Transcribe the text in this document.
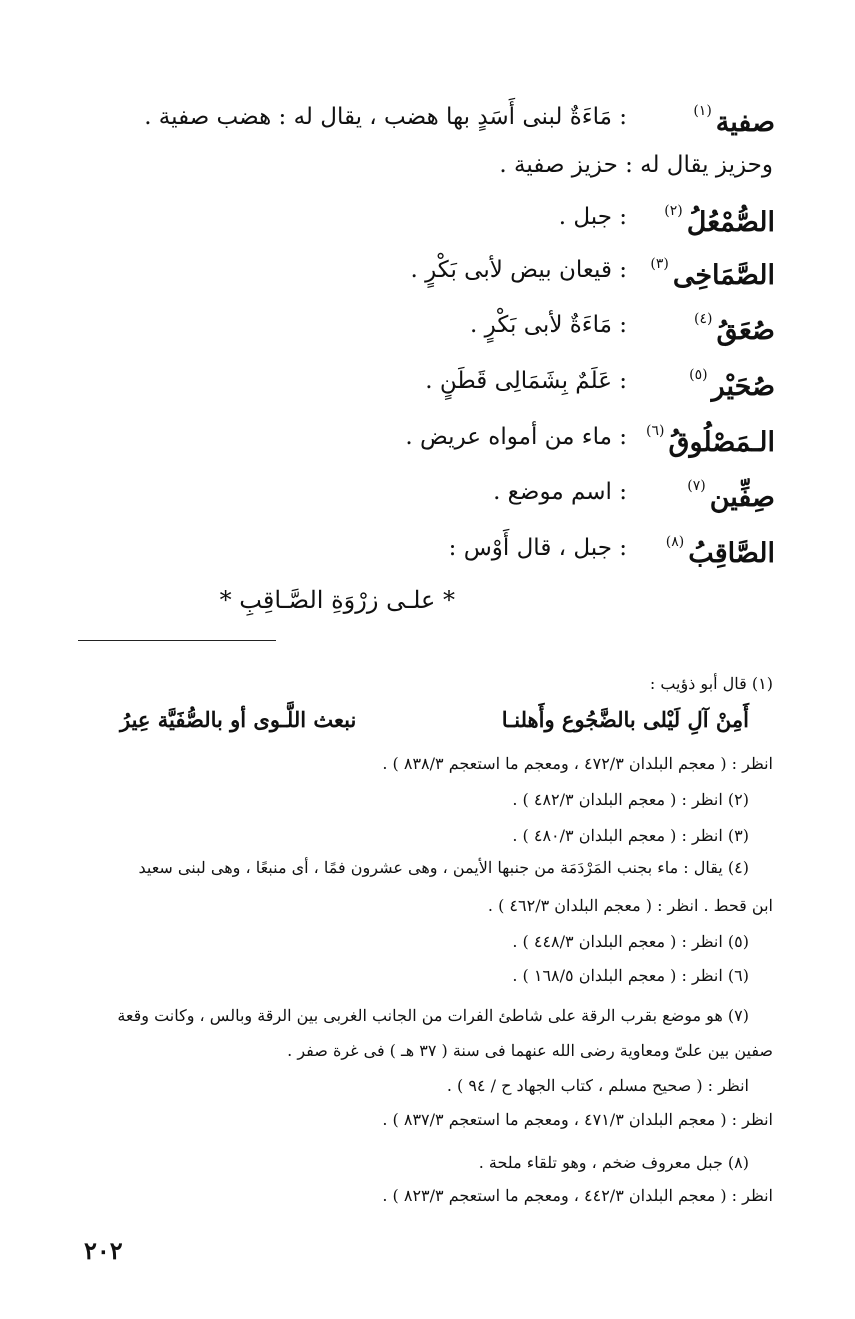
صفية$^{(١)}$
: مَاءَةٌ لبنى أَسَدٍ بها هضب ، يقال له : هضب صفية .
وحزيز يقال له : حزيز صفية .
الصُّمْعُلُ$^{(٢)}$
: جبل .
الصَّمَاخِى$^{(٣)}$
: قيعان بيض لأبى بَكْرٍ .
صُعَقُ$^{(٤)}$
: مَاءَةٌ لأبى بَكْرٍ .
صُحَيْر$^{(٥)}$
: عَلَمٌ بِشَمَالِى قَطَنٍ .
الـمَصْلُوقُ$^{(٦)}$
: ماء من أمواه عريض .
صِفِّين$^{(٧)}$
: اسم موضع .
الصَّاقِبُ$^{(٨)}$
: جبل ، قال أَوْس :
* علـى زرْوَةِ الصَّـاقِبِ *
(١) قال أبو ذؤيب :
أَمِنْ آلِ لَيْلى بالضَّجُوع وأَهلنـا
نبعث اللَّـوى أو بالصُّفَيَّة عِيرُ
انظر : ( معجم البلدان ٤٧٢/٣ ، ومعجم ما استعجم ٨٣٨/٣ ) .
(٢) انظر : ( معجم البلدان ٤٨٢/٣ ) .
(٣) انظر : ( معجم البلدان ٤٨٠/٣ ) .
(٤) يقال : ماء بجنب المَرْدَمَة من جنبها الأيمن ، وهى عشرون فمًا ، أى منبعًا ، وهى لبنى سعيد
ابن قحط . انظر : ( معجم البلدان ٤٦٢/٣ ) .
(٥) انظر : ( معجم البلدان ٤٤٨/٣ ) .
(٦) انظر : ( معجم البلدان ١٦٨/٥ ) .
(٧) هو موضع بقرب الرقة على شاطئ الفرات من الجانب الغربى بين الرقة وبالس ، وكانت وقعة
صفين بين علىّ ومعاوية رضى الله عنهما فى سنة ( ٣٧ هـ ) فى غرة صفر .
انظر : ( صحيح مسلم ، كتاب الجهاد ح / ٩٤ ) .
انظر : ( معجم البلدان ٤٧١/٣ ، ومعجم ما استعجم ٨٣٧/٣ ) .
(٨) جبل معروف ضخم ، وهو تلقاء ملحة .
انظر : ( معجم البلدان ٤٤٢/٣ ، ومعجم ما استعجم ٨٢٣/٣ ) .
٢٠٢
